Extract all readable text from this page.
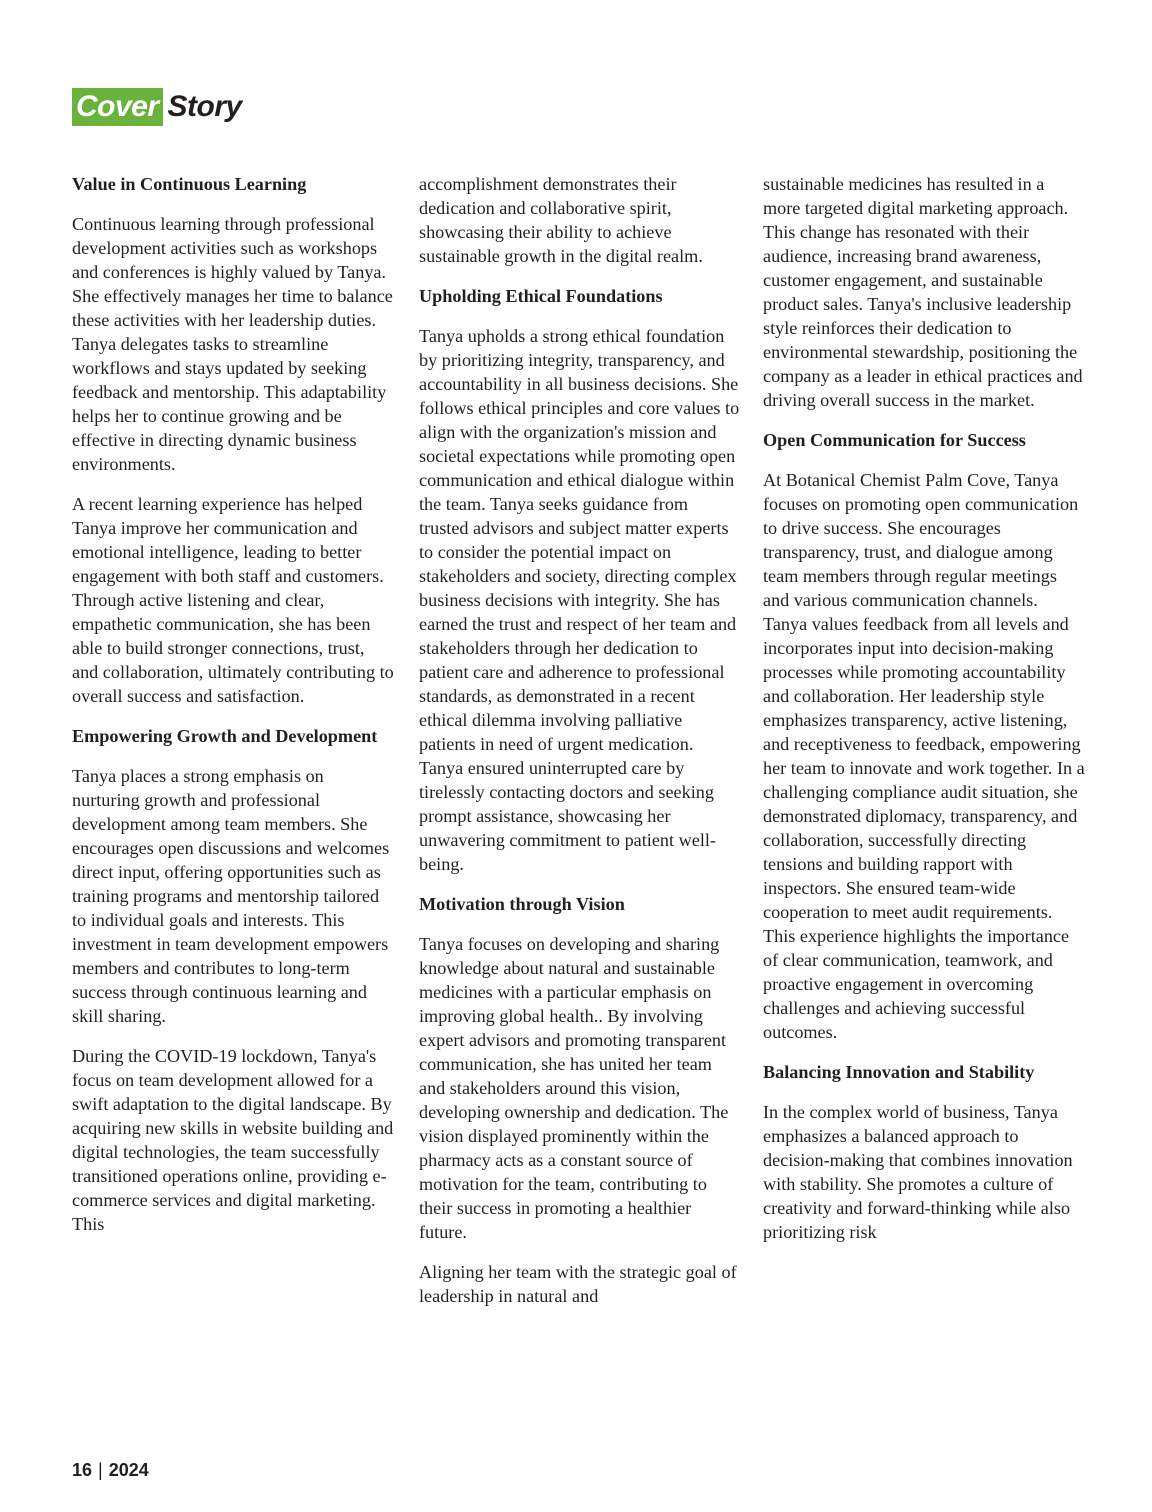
Cover Story
Value in Continuous Learning

Continuous learning through professional development activities such as workshops and conferences is highly valued by Tanya. She effectively manages her time to balance these activities with her leadership duties. Tanya delegates tasks to streamline workflows and stays updated by seeking feedback and mentorship. This adaptability helps her to continue growing and be effective in directing dynamic business environments.

A recent learning experience has helped Tanya improve her communication and emotional intelligence, leading to better engagement with both staff and customers. Through active listening and clear, empathetic communication, she has been able to build stronger connections, trust, and collaboration, ultimately contributing to overall success and satisfaction.

Empowering Growth and Development

Tanya places a strong emphasis on nurturing growth and professional development among team members. She encourages open discussions and welcomes direct input, offering opportunities such as training programs and mentorship tailored to individual goals and interests. This investment in team development empowers members and contributes to long-term success through continuous learning and skill sharing.

During the COVID-19 lockdown, Tanya's focus on team development allowed for a swift adaptation to the digital landscape. By acquiring new skills in website building and digital technologies, the team successfully transitioned operations online, providing e-commerce services and digital marketing. This

accomplishment demonstrates their dedication and collaborative spirit, showcasing their ability to achieve sustainable growth in the digital realm.

Upholding Ethical Foundations

Tanya upholds a strong ethical foundation by prioritizing integrity, transparency, and accountability in all business decisions. She follows ethical principles and core values to align with the organization's mission and societal expectations while promoting open communication and ethical dialogue within the team. Tanya seeks guidance from trusted advisors and subject matter experts to consider the potential impact on stakeholders and society, directing complex business decisions with integrity. She has earned the trust and respect of her team and stakeholders through her dedication to patient care and adherence to professional standards, as demonstrated in a recent ethical dilemma involving palliative patients in need of urgent medication. Tanya ensured uninterrupted care by tirelessly contacting doctors and seeking prompt assistance, showcasing her unwavering commitment to patient well-being.

Motivation through Vision

Tanya focuses on developing and sharing knowledge about natural and sustainable medicines with a particular emphasis on improving global health.. By involving expert advisors and promoting transparent communication, she has united her team and stakeholders around this vision, developing ownership and dedication. The vision displayed prominently within the pharmacy acts as a constant source of motivation for the team, contributing to their success in promoting a healthier future.

Aligning her team with the strategic goal of leadership in natural and

sustainable medicines has resulted in a more targeted digital marketing approach. This change has resonated with their audience, increasing brand awareness, customer engagement, and sustainable product sales. Tanya's inclusive leadership style reinforces their dedication to environmental stewardship, positioning the company as a leader in ethical practices and driving overall success in the market.

Open Communication for Success

At Botanical Chemist Palm Cove, Tanya focuses on promoting open communication to drive success. She encourages transparency, trust, and dialogue among team members through regular meetings and various communication channels. Tanya values feedback from all levels and incorporates input into decision-making processes while promoting accountability and collaboration. Her leadership style emphasizes transparency, active listening, and receptiveness to feedback, empowering her team to innovate and work together. In a challenging compliance audit situation, she demonstrated diplomacy, transparency, and collaboration, successfully directing tensions and building rapport with inspectors. She ensured team-wide cooperation to meet audit requirements. This experience highlights the importance of clear communication, teamwork, and proactive engagement in overcoming challenges and achieving successful outcomes.

Balancing Innovation and Stability

In the complex world of business, Tanya emphasizes a balanced approach to decision-making that combines innovation with stability. She promotes a culture of creativity and forward-thinking while also prioritizing risk

16 | 2024
